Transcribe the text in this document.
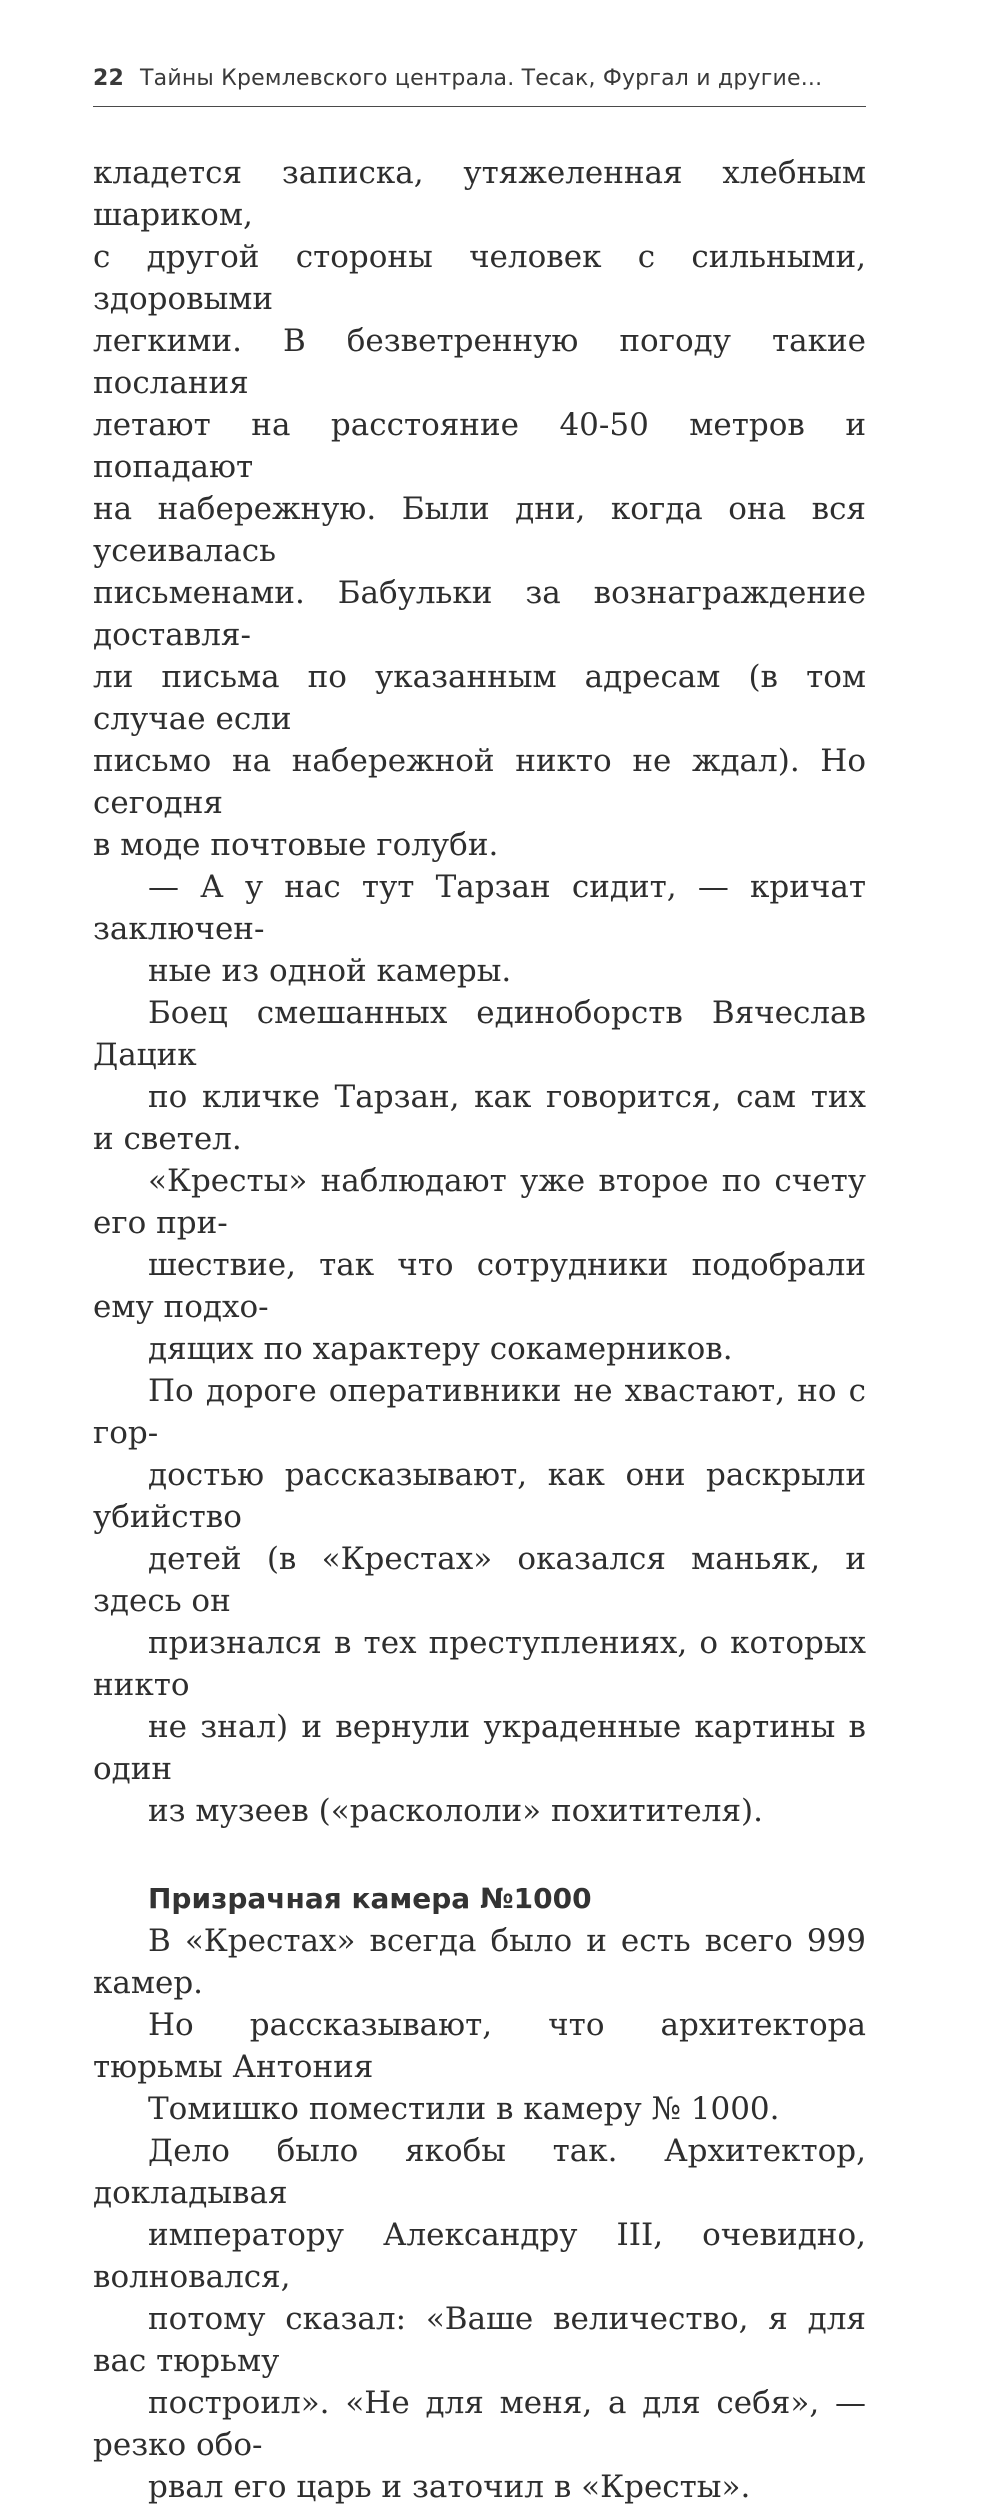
22 Тайны Кремлевского централа. Тесак, Фургал и другие...

кладется записка, утяжеленная хлебным шариком,
с другой стороны человек с сильными, здоровыми
легкими. В безветренную погоду такие послания
летают на расстояние 40-50 метров и попадают
на набережную. Были дни, когда она вся усеивалась
письменами. Бабульки за вознаграждение доставля-
ли письма по указанным адресам (в том случае если
письмо на набережной никто не ждал). Но сегодня
в моде почтовые голуби.

— А у нас тут Тарзан сидит, — кричат заключен-
ные из одной камеры.

Боец смешанных единоборств Вячеслав Дацик
по кличке Тарзан, как говорится, сам тих и светел.
«Кресты» наблюдают уже второе по счету его при-
шествие, так что сотрудники подобрали ему подхо-
дящих по характеру сокамерников.

По дороге оперативники не хвастают, но с гор-
достью рассказывают, как они раскрыли убийство
детей (в «Крестах» оказался маньяк, и здесь он
признался в тех преступлениях, о которых никто
не знал) и вернули украденные картины в один
из музеев («раскололи» похитителя).

Призрачная камера №1000

В «Крестах» всегда было и есть всего 999 камер.
Но рассказывают, что архитектора тюрьмы Антония
Томишко поместили в камеру № 1000.

Дело было якобы так. Архитектор, докладывая
императору Александру III, очевидно, волновался,
потому сказал: «Ваше величество, я для вас тюрьму
построил». «Не для меня, а для себя», — резко обо-
рвал его царь и заточил в «Кресты».
